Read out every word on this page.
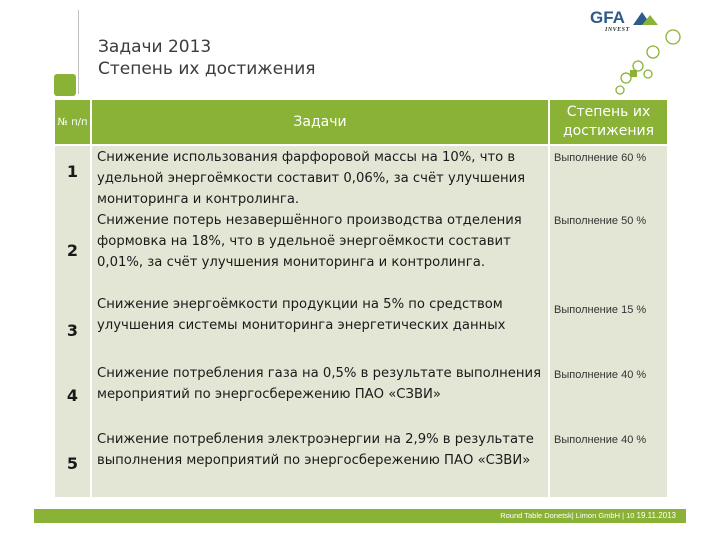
GFA
INVEST
Задачи 2013
Степень их достижения
№ п/п	Задачи
Степень их достижения
1
2
3
4
5
Снижение использования фарфоровой массы на 10%, что в удельной энергоёмкости составит 0,06%, за счёт улучшения мониторинга и контролинга.
Снижение потерь незавершённого производства отделения формовка на 18%, что в удельноё энергоёмкости составит 0,01%, за счёт улучшения мониторинга и контролинга.
Снижение энергоёмкости продукции на 5% по средством улучшения системы мониторинга энергетических данных
Снижение потребления газа на 0,5% в результате выполнения мероприятий по энергосбережению ПАО «СЗВИ»
Снижение потребления электроэнергии на 2,9% в результате выполнения мероприятий по энергосбережению ПАО «СЗВИ»
Выполнение 60 %
Выполнение 50 %
Выполнение 15 %
Выполнение 40 %
Выполнение 40 %
Round Table Donetsk| Limon GmbH | 10 19.11.2013
